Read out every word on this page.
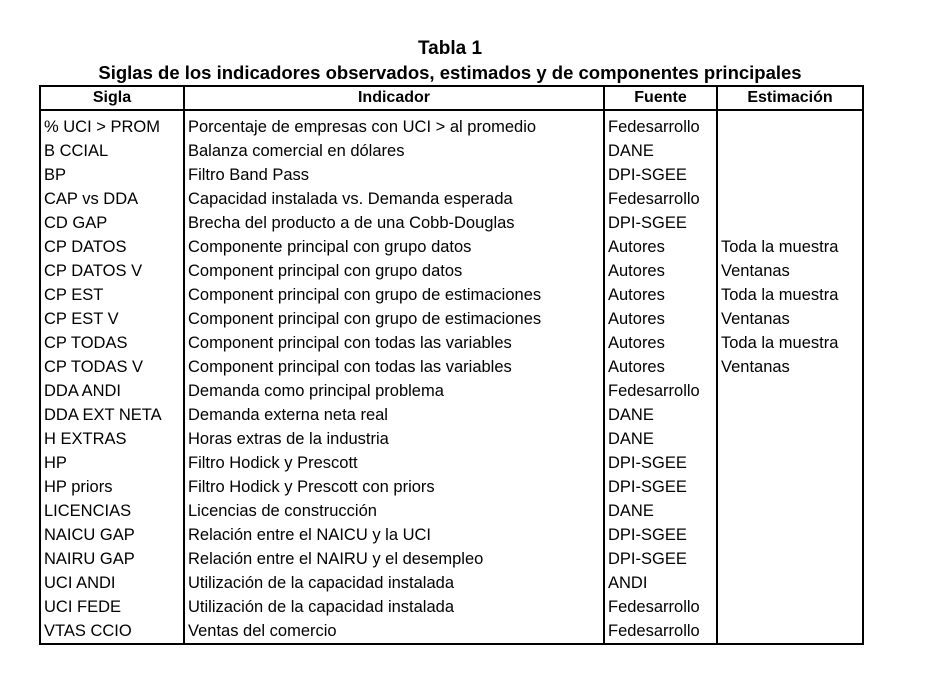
Tabla 1
Siglas de los indicadores observados, estimados y de componentes principales
Sigla	Indicador	Fuente	Estimación
% UCI > PROM	Porcentaje de empresas con UCI > al promedio	Fedesarrollo	
B CCIAL	Balanza comercial en dólares	DANE	
BP	Filtro Band Pass	DPI-SGEE	
CAP vs DDA	Capacidad instalada vs. Demanda esperada	Fedesarrollo	
CD GAP	Brecha del producto a de una Cobb-Douglas	DPI-SGEE	
CP DATOS	Componente principal con grupo datos	Autores	Toda la muestra
CP DATOS V	Component principal con grupo datos	Autores	Ventanas
CP EST	Component principal con grupo de estimaciones	Autores	Toda la muestra
CP EST V	Component principal con grupo de estimaciones	Autores	Ventanas
CP TODAS	Component principal con todas las variables	Autores	Toda la muestra
CP TODAS V	Component principal con todas las variables	Autores	Ventanas
DDA ANDI	Demanda como principal problema	Fedesarrollo	
DDA EXT NETA	Demanda externa neta real	DANE	
H EXTRAS	Horas extras de la industria	DANE	
HP	Filtro Hodick y Prescott	DPI-SGEE	
HP priors	Filtro Hodick y Prescott con priors	DPI-SGEE	
LICENCIAS	Licencias de construcción	DANE	
NAICU GAP	Relación entre el NAICU y la UCI	DPI-SGEE	
NAIRU GAP	Relación entre el NAIRU y el desempleo	DPI-SGEE	
UCI ANDI	Utilización de la capacidad instalada	ANDI	
UCI FEDE	Utilización de la capacidad instalada	Fedesarrollo	
VTAS CCIO	Ventas del comercio	Fedesarrollo	
